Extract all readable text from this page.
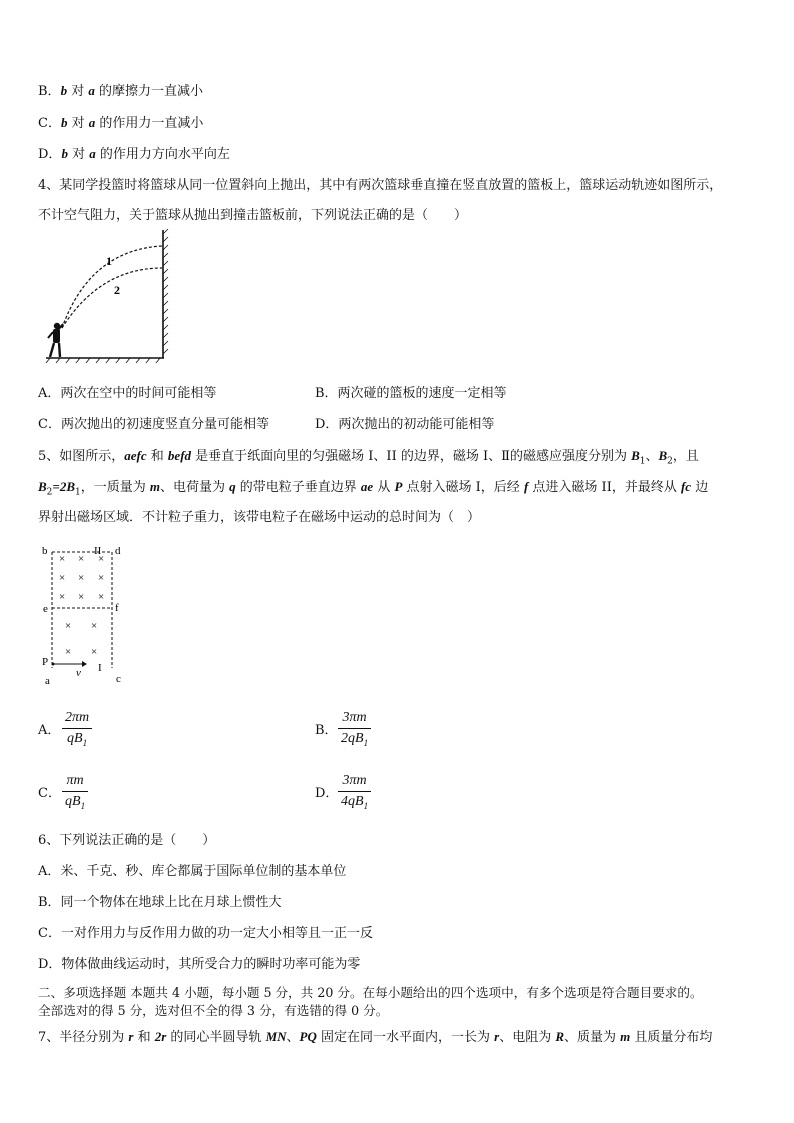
B．b 对 a 的摩擦力一直减小
C．b 对 a 的作用力一直减小
D．b 对 a 的作用力方向水平向左
4、某同学投篮时将篮球从同一位置斜向上抛出，其中有两次篮球垂直撞在竖直放置的篮板上，篮球运动轨迹如图所示，
不计空气阻力，关于篮球从抛出到撞击篮板前，下列说法正确的是（　　）
1
2
A．两次在空中的时间可能相等	B．两次碰的篮板的速度一定相等
C．两次抛出的初速度竖直分量可能相等	D．两次抛出的初动能可能相等
5、如图所示，aefc 和 befd 是垂直于纸面向里的匀强磁场 I、II 的边界，磁场 I、Ⅱ的磁感应强度分别为 $B_1$、$B_2$，且
$B_2=2B_1$，一质量为 m、电荷量为 q 的带电粒子垂直边界 ae 从 P 点射入磁场 I，后经 f 点进入磁场 II，并最终从 fc 边
界射出磁场区域．不计粒子重力，该带电粒子在磁场中运动的总时间为（　）
b	II d
e	f
P
v I
a	c
× × ×
× × ×
× × ×
× ×
× ×
A．
2πm
$qB_1$
B．
3πm
$2qB_1$
C．
πm
$qB_1$
D．
3πm
$4qB_1$
6、下列说法正确的是（　　）
A．米、千克、秒、库仑都属于国际单位制的基本单位
B．同一个物体在地球上比在月球上惯性大
C．一对作用力与反作用力做的功一定大小相等且一正一反
D．物体做曲线运动时，其所受合力的瞬时功率可能为零
二、多项选择题 本题共 4 小题，每小题 5 分，共 20 分。在每小题给出的四个选项中，有多个选项是符合题目要求的。
全部选对的得 5 分，选对但不全的得 3 分，有选错的得 0 分。
7、半径分别为 r 和 2r 的同心半圆导轨 MN、PQ 固定在同一水平面内，一长为 r、电阻为 R、质量为 m 且质量分布均
